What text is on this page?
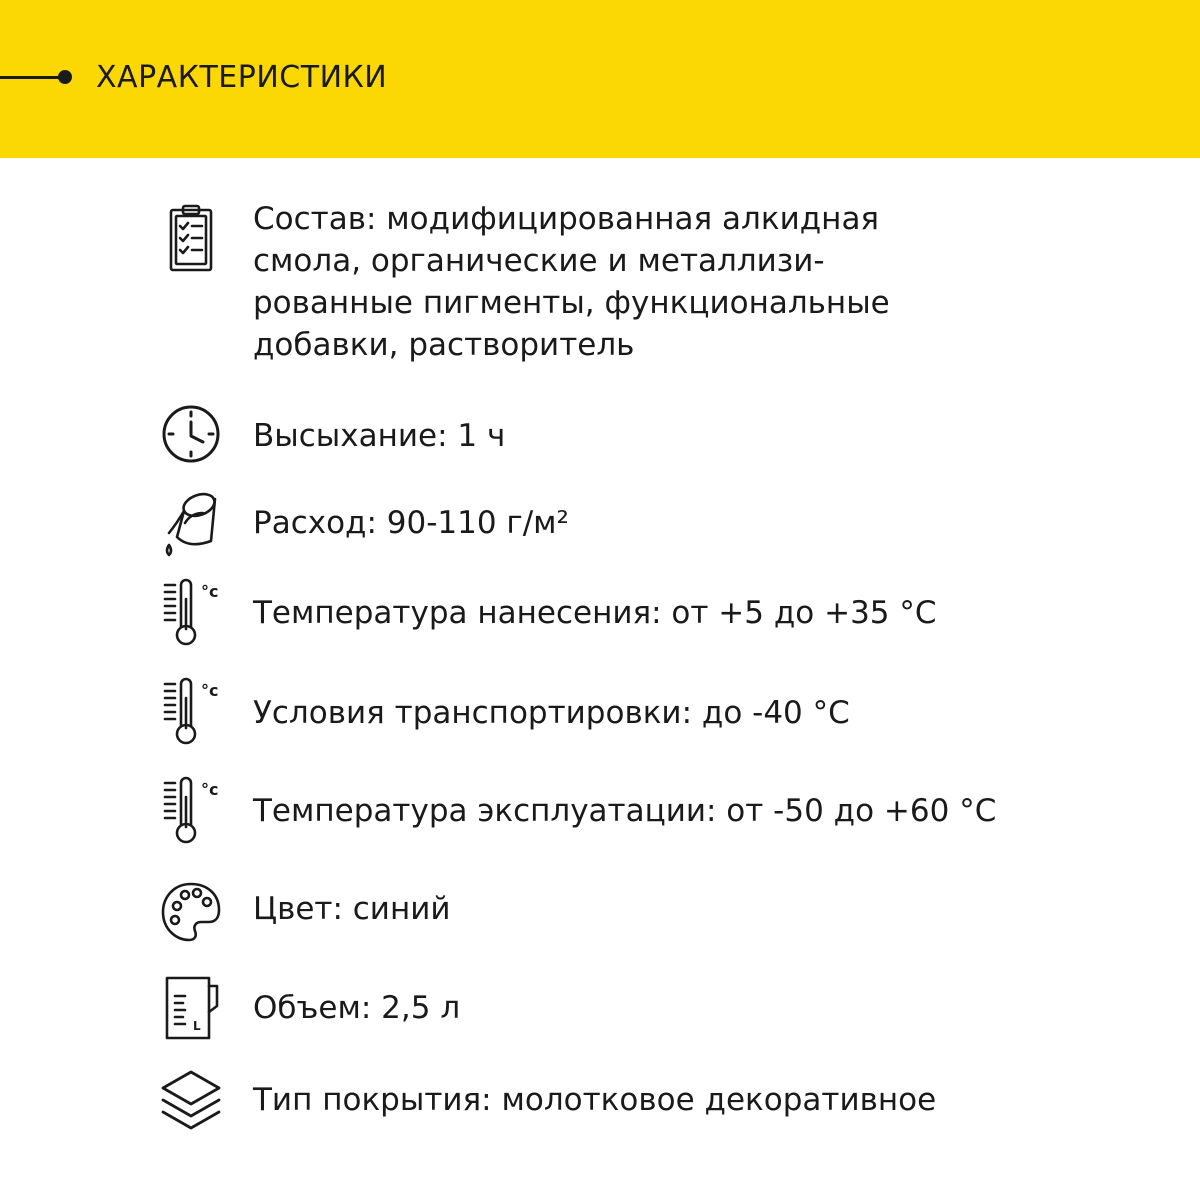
ХАРАКТЕРИСТИКИ
Состав: модифицированная алкидная
смола, органические и металлизи-
рованные пигменты, функциональные
добавки, растворитель
Высыхание: 1 ч
Расход: 90-110 г/м²
°c
Температура нанесения: от +5 до +35 °C
°c
Условия транспортировки: до -40 °C
°c
Температура эксплуатации: от -50 до +60 °C
Цвет: синий
L Объем: 2,5 л
Тип покрытия: молотковое декоративное
